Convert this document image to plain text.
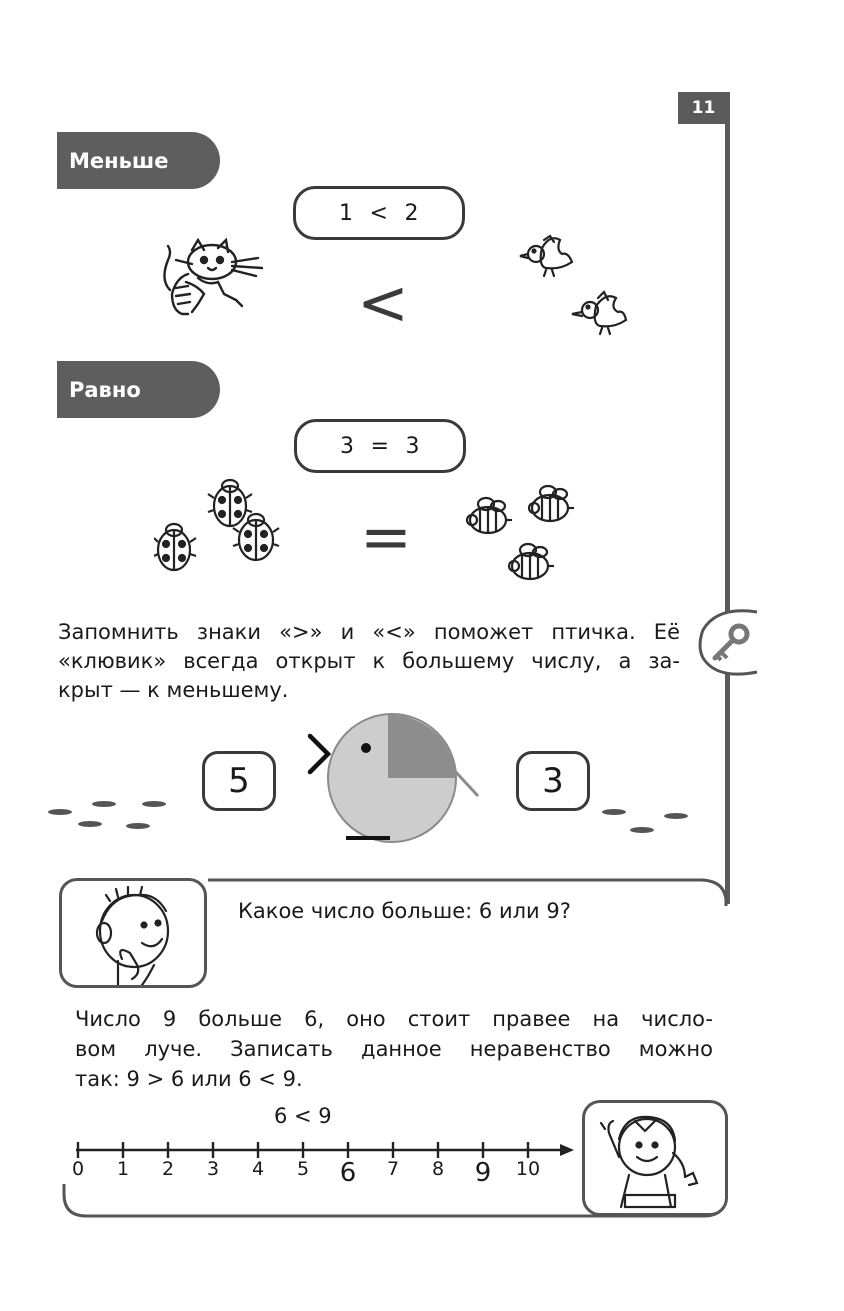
11
Меньше
1 < 2
<
Равно
3 = 3
=
Запомнить знаки «>» и «<» поможет птичка. Её
«клювик» всегда открыт к большему числу, а за-
крыт — к меньшему.
5	3
Какое число больше: 6 или 9?
Число 9 больше 6, оно стоит правее на числo-
вом луче. Записать данное неравенство можно
так: 9 > 6 или 6 < 9.
6 < 9
0	1	2	3	4	5	6	7	8	9	10
